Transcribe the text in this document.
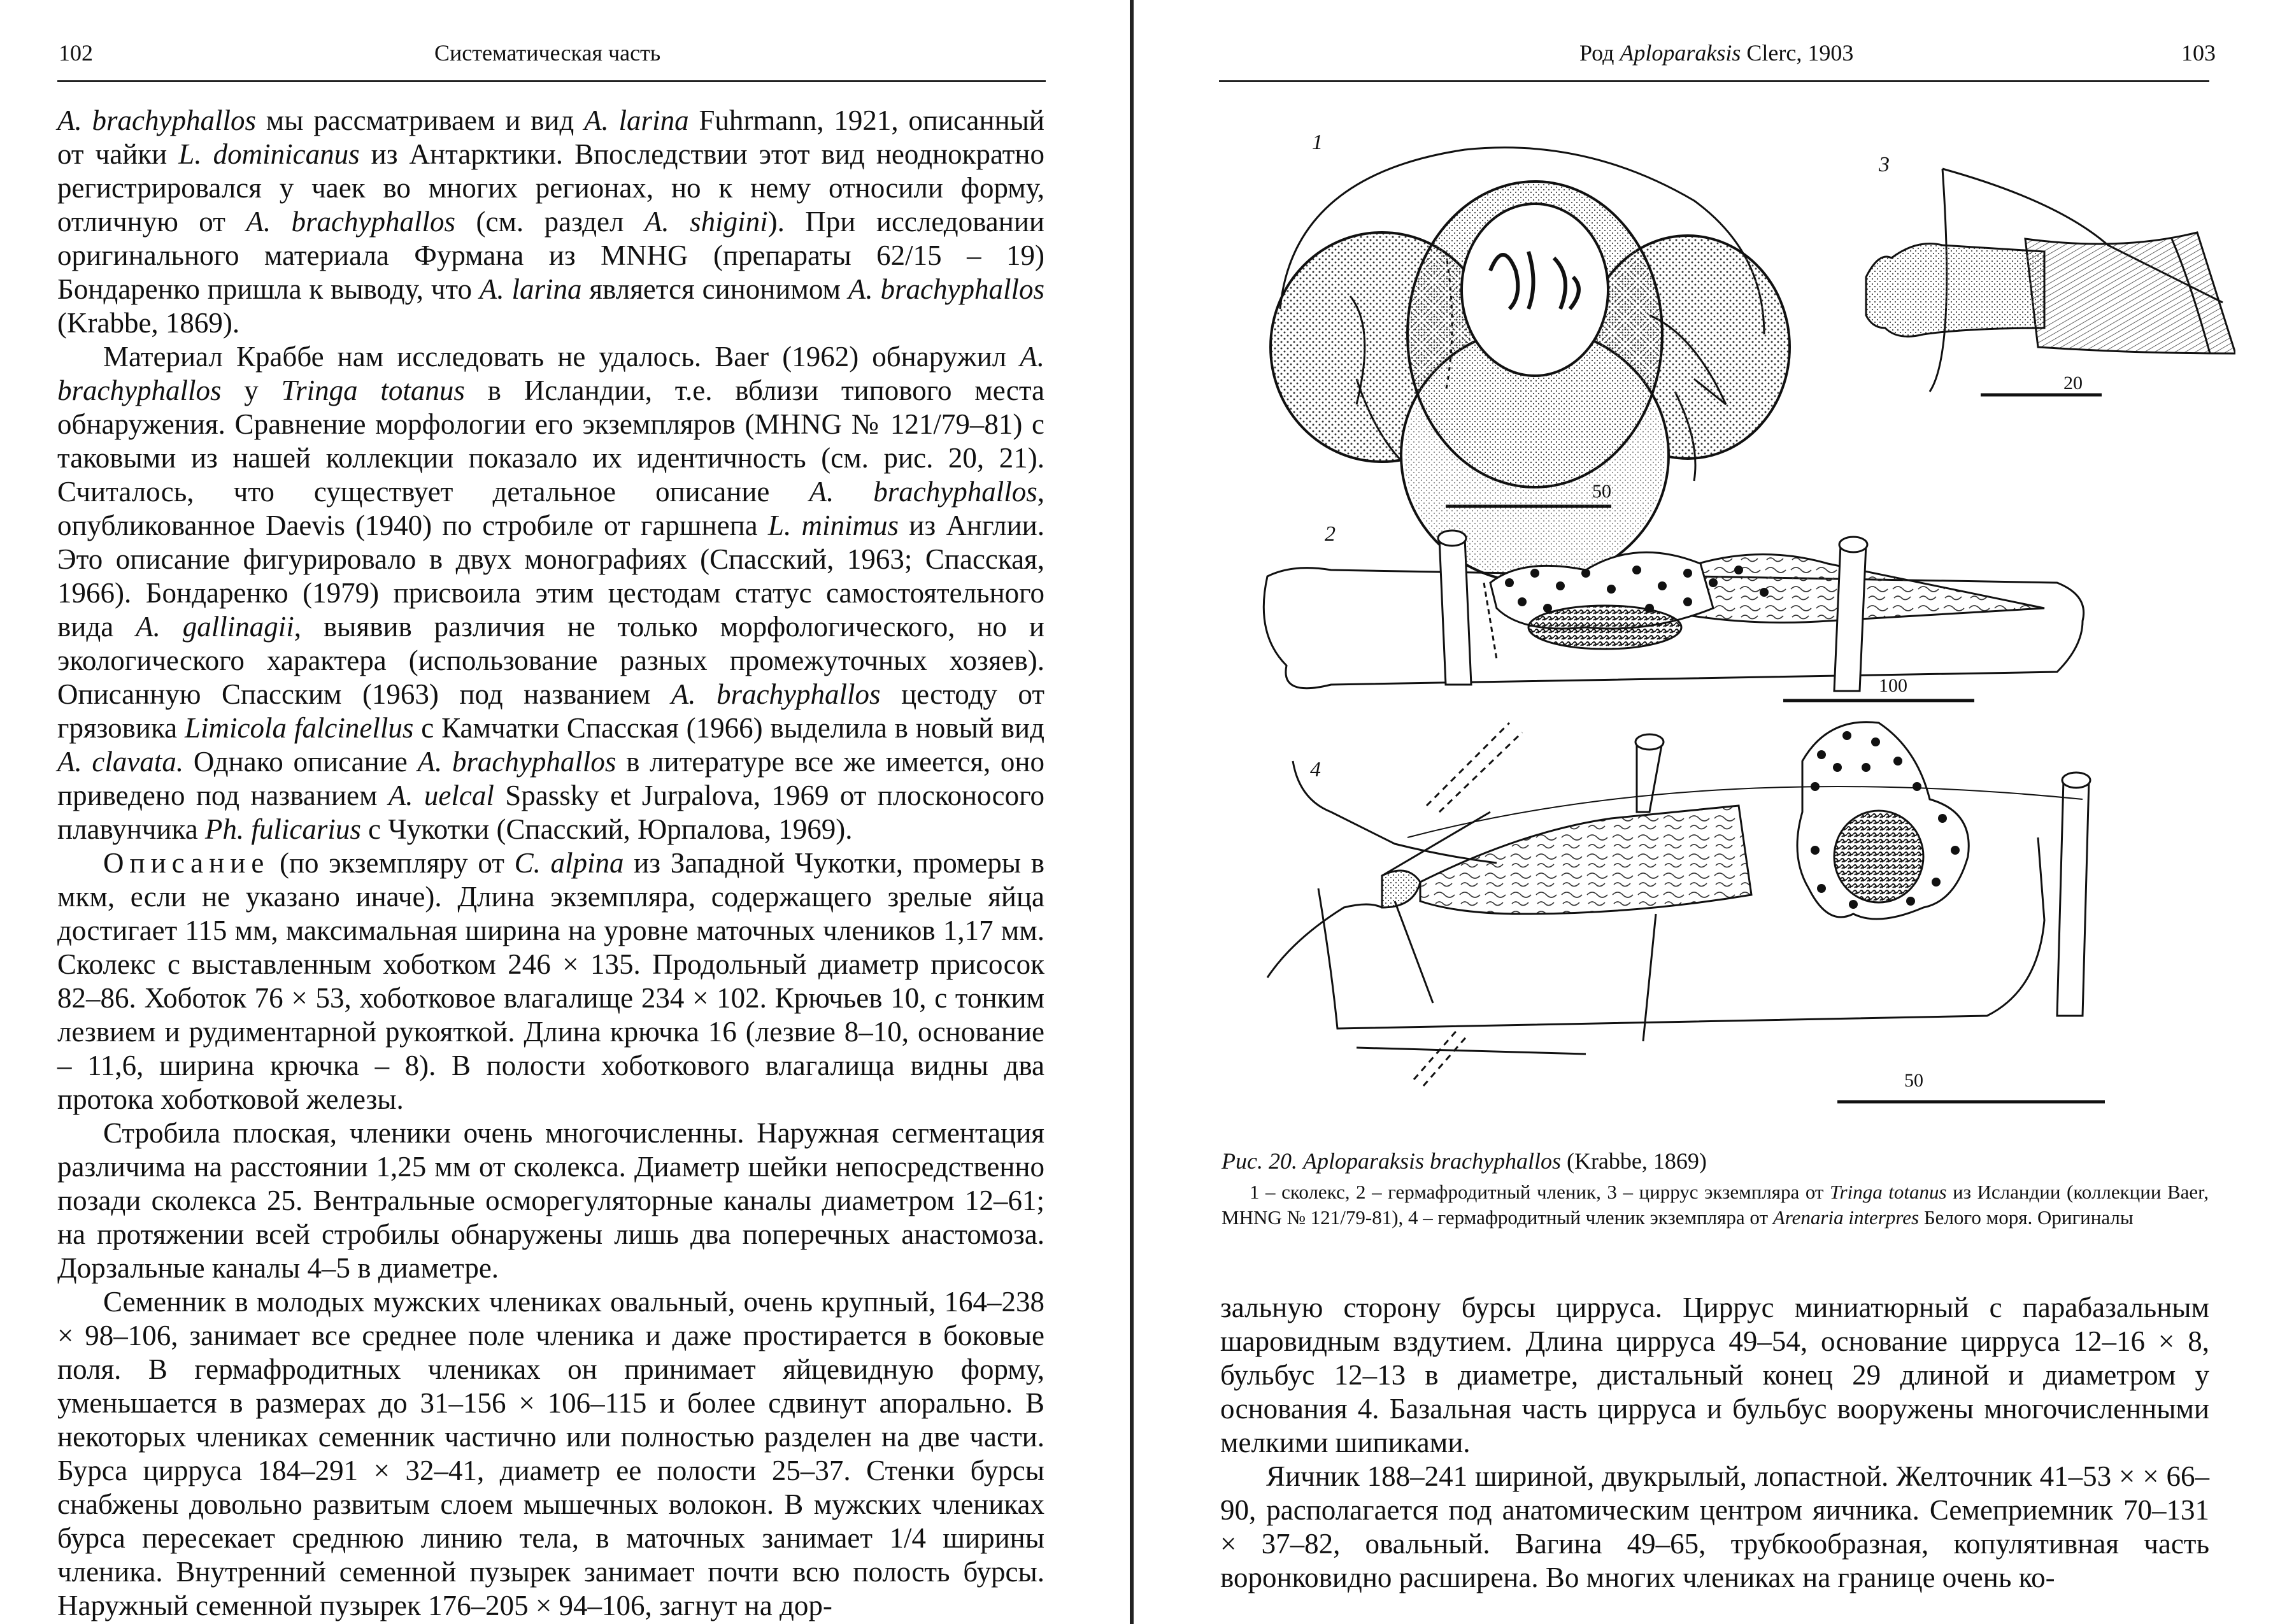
102	Систематическая часть

A. brachyphallos мы рассматриваем и вид A. larina Fuhrmann, 1921, описанный от чайки L. dominicanus из Антарктики. Впоследствии этот вид неоднократно регистрировался у чаек во многих регионах, но к нему относили форму, отличную от A. brachyphallos (см. раздел A. shigini). При исследовании оригинального материала Фурмана из MNHG (препараты 62/15 – 19) Бондаренко пришла к выводу, что A. larina является синонимом A. brachyphallos (Krabbe, 1869).

Материал Краббе нам исследовать не удалось. Baer (1962) обнаружил A. brachyphallos у Tringa totanus в Исландии, т.е. вблизи типового места обнаружения. Сравнение морфологии его экземпляров (MHNG № 121/79–81) с таковыми из нашей коллекции показало их идентичность (см. рис. 20, 21). Считалось, что существует детальное описание A. brachyphallos, опубликованное Daevis (1940) по стробиле от гаршнепа L. minimus из Англии. Это описание фигурировало в двух монографиях (Спасский, 1963; Спасская, 1966). Бондаренко (1979) присвоила этим цестодам статус самостоятельного вида A. gallinagii, выявив различия не только морфологического, но и экологического характера (использование разных промежуточных хозяев). Описанную Спасским (1963) под названием A. brachyphallos цестоду от грязовика Limicola falcinellus с Камчатки Спасская (1966) выделила в новый вид A. clavata. Однако описание A. brachyphallos в литературе все же имеется, оно приведено под названием A. uelcal Spassky et Jurpalova, 1969 от плосконосого плавунчика Ph. fulicarius с Чукотки (Спасский, Юрпалова, 1969).

Описание (по экземпляру от C. alpina из Западной Чукотки, промеры в мкм, если не указано иначе). Длина экземпляра, содержащего зрелые яйца достигает 115 мм, максимальная ширина на уровне маточных члеников 1,17 мм. Сколекс с выставленным хоботком 246 × 135. Продольный диаметр присосок 82–86. Хоботок 76 × 53, хоботковое влагалище 234 × 102. Крючьев 10, с тонким лезвием и рудиментарной рукояткой. Длина крючка 16 (лезвие 8–10, основание – 11,6, ширина крючка – 8). В полости хоботкового влагалища видны два протока хоботковой железы.

Стробила плоская, членики очень многочисленны. Наружная сегментация различима на расстоянии 1,25 мм от сколекса. Диаметр шейки непосредственно позади сколекса 25. Вентральные осморегуляторные каналы диаметром 12–61; на протяжении всей стробилы обнаружены лишь два поперечных анастомоза. Дорзальные каналы 4–5 в диаметре.

Семенник в молодых мужских члениках овальный, очень крупный, 164–238 × 98–106, занимает все среднее поле членика и даже простирается в боковые поля. В гермафродитных члениках он принимает яйцевидную форму, уменьшается в размерах до 31–156 × 106–115 и более сдвинут апорально. В некоторых члениках семенник частично или полностью разделен на две части. Бурса цирруса 184–291 × 32–41, диаметр ее полости 25–37. Стенки бурсы снабжены довольно развитым слоем мышечных волокон. В мужских члениках бурса пересекает среднюю линию тела, в маточных занимает 1/4 ширины членика. Внутренний семенной пузырек занимает почти всю полость бурсы. Наружный семенной пузырек 176–205 × 94–106, загнут на дор-

Род Aploparaksis Clerc, 1903	103
1
2
3
4
50
100
20
50
Рис. 20. Aploparaksis brachyphallos (Krabbe, 1869)
1 – сколекс, 2 – гермафродитный членик, 3 – циррус экземпляра от Tringa totanus из Исландии (коллекции Baer, MHNG № 121/79-81), 4 – гермафродитный членик экземпляра от Arenaria interpres Белого моря. Оригиналы

зальную сторону бурсы цирруса. Циррус миниатюрный с парабазальным шаровидным вздутием. Длина цирруса 49–54, основание цирруса 12–16 × 8, бульбус 12–13 в диаметре, дистальный конец 29 длиной и диаметром у основания 4. Базальная часть цирруса и бульбус вооружены многочисленными мелкими шипиками.

Яичник 188–241 шириной, двукрылый, лопастной. Желточник 41–53 × × 66–90, располагается под анатомическим центром яичника. Семеприемник 70–131 × 37–82, овальный. Вагина 49–65, трубкообразная, копулятивная часть воронковидно расширена. Во многих члениках на границе очень ко-
